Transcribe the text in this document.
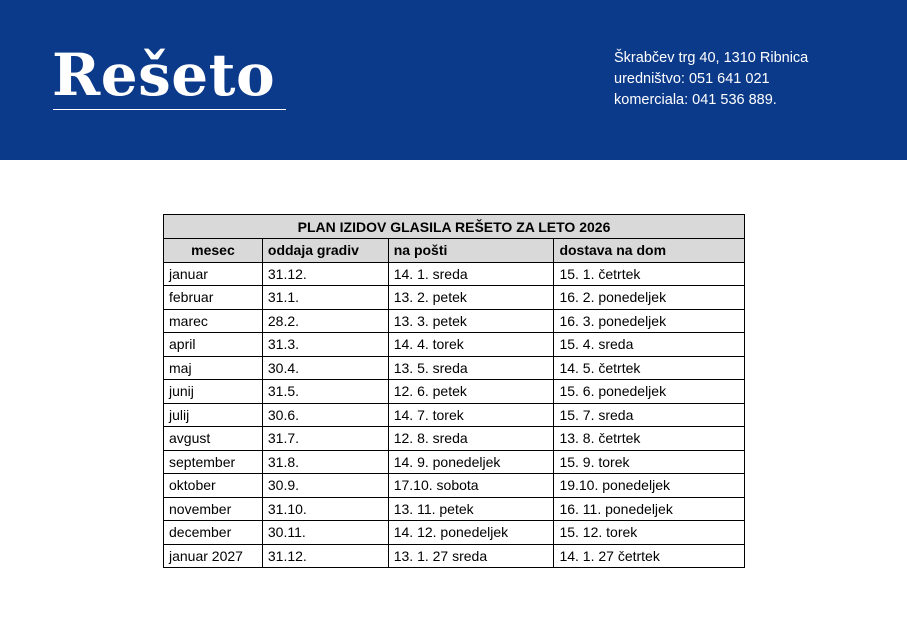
Rešeto	Škrabčev trg 40, 1310 Ribnica
uredništvo: 051 641 021
komerciala: 041 536 889.
PLAN IZIDOV GLASILA REŠETO ZA LETO 2026			
mesec	oddaja gradiv	na pošti	dostava na dom
januar	31.12.	14. 1. sreda	15. 1. četrtek
februar	31.1.	13. 2. petek	16. 2. ponedeljek
marec	28.2.	13. 3. petek	16. 3. ponedeljek
april	31.3.	14. 4. torek	15. 4. sreda
maj	30.4.	13. 5. sreda	14. 5. četrtek
junij	31.5.	12. 6. petek	15. 6. ponedeljek
julij	30.6.	14. 7. torek	15. 7. sreda
avgust	31.7.	12. 8. sreda	13. 8. četrtek
september	31.8.	14. 9. ponedeljek	15. 9. torek
oktober	30.9.	17.10. sobota	19.10. ponedeljek
november	31.10.	13. 11. petek	16. 11. ponedeljek
december	30.11.	14. 12. ponedeljek	15. 12. torek
januar 2027	31.12.	13. 1. 27 sreda	14. 1. 27 četrtek
